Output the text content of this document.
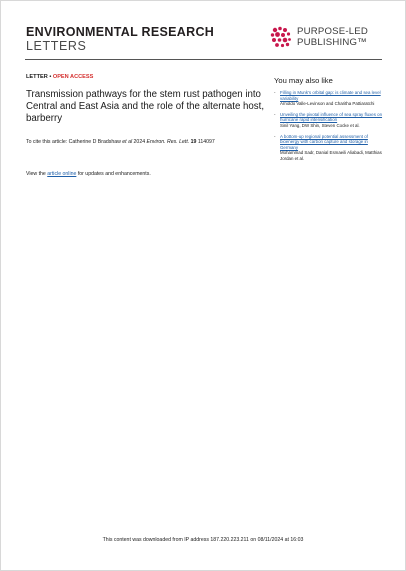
ENVIRONMENTAL RESEARCH
LETTERS
PURPOSE-LED
PUBLISHING™
LETTER • OPEN ACCESS
Transmission pathways for the stem rust pathogen into Central and East Asia and the role of the alternate host, barberry
To cite this article: Catherine D Bradshaw et al 2024 Environ. Res. Lett. 19 114097
View the article online for updates and enhancements.
You may also like
- Filling in Munk's orbital gap: is climate and sea level variability
Arnoldo Valle-Levinson and Charitha Pattiaratchi
- Unveiling the pivotal influence of sea spray fluxes on hurricane rapid intensification
Sinil Yang, DW Shin, Steven Cocke et al.
- A bottom-up regional potential assessment of bioenergy with carbon capture and storage in Germany
Mohammad Sadr, Danial Esmaeili Aliabadi, Matthias Jordan et al.
This content was downloaded from IP address 187.220.223.211 on 08/11/2024 at 16:03
